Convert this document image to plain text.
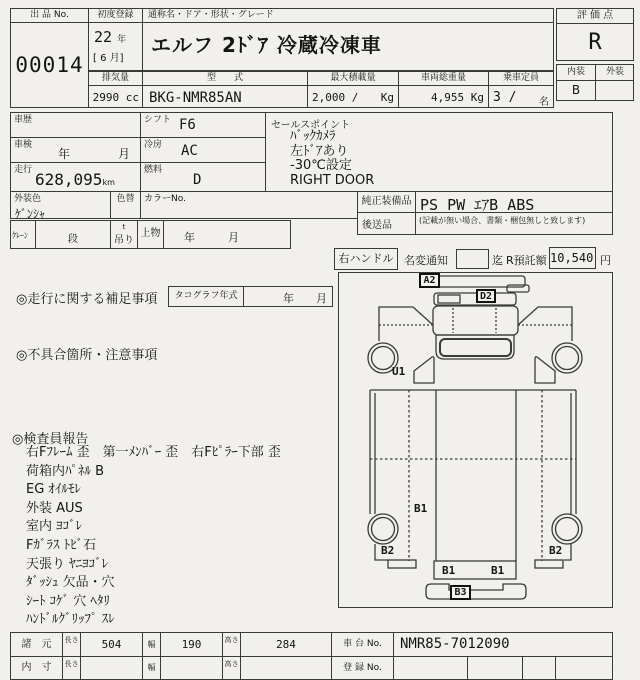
出 品 No.
00014
初度登録
22 年
[ 6 月]
通称名・ドア・形状・グレード
エルフ 2ﾄﾞｱ 冷蔵冷凍車
評 価 点
R
内装	外装
B
排気量
2990 cc
型　　式
BKG-NMR85AN
最大積載量
2,000 / Kg
車両総重量
4,955 Kg
乗車定員
3 / 名
車歴	シフト F6
車検
年　　　　月
冷房 AC
走行 628,095km
燃料
D
外装色
ｹﾞﾝｼｬ
色替	カラーNo.
セールスポイント
ﾊﾞｯｸｶﾒﾗ
左ﾄﾞｱあり
-30℃設定
RIGHT DOOR
純正装備品 PS PW ｴｱB ABS
後送品	(記載が無い場合、書類・梱包無しと致します)
ｸﾚｰﾝ	段
t
吊り
上物	年　　　月
右ハンドル 名変通知	迄 R預託額 10,540 円
◎走行に関する補足事項	タコグラフ年式	年　　月
◎不具合箇所・注意事項
◎検査員報告
右Fﾌﾚｰﾑ 歪　第一ﾒﾝﾊﾞｰ 歪　右Fﾋﾟﾗｰ下部 歪
荷箱内ﾊﾟﾈﾙ B
EG ｵｲﾙﾓﾚ
外装 AUS
室内 ﾖｺﾞﾚ
Fｶﾞﾗｽ ﾄﾋﾞ石
天張り ﾔﾆﾖｺﾞﾚ
ﾀﾞｯｼｭ 欠品・穴
ｼｰﾄ ｺｹﾞ 穴 ﾍﾀﾘ
ﾊﾝﾄﾞﾙｸﾞﾘｯﾌﾟ ｽﾚ
A2
D2
U1
B1
B2	B2
B1	B1
B3
諸　元	長さ	504	幅	190	高さ	284	車 台 No.	NMR85-7012090
内　寸	長さ	幅	高さ	登 録 No.
